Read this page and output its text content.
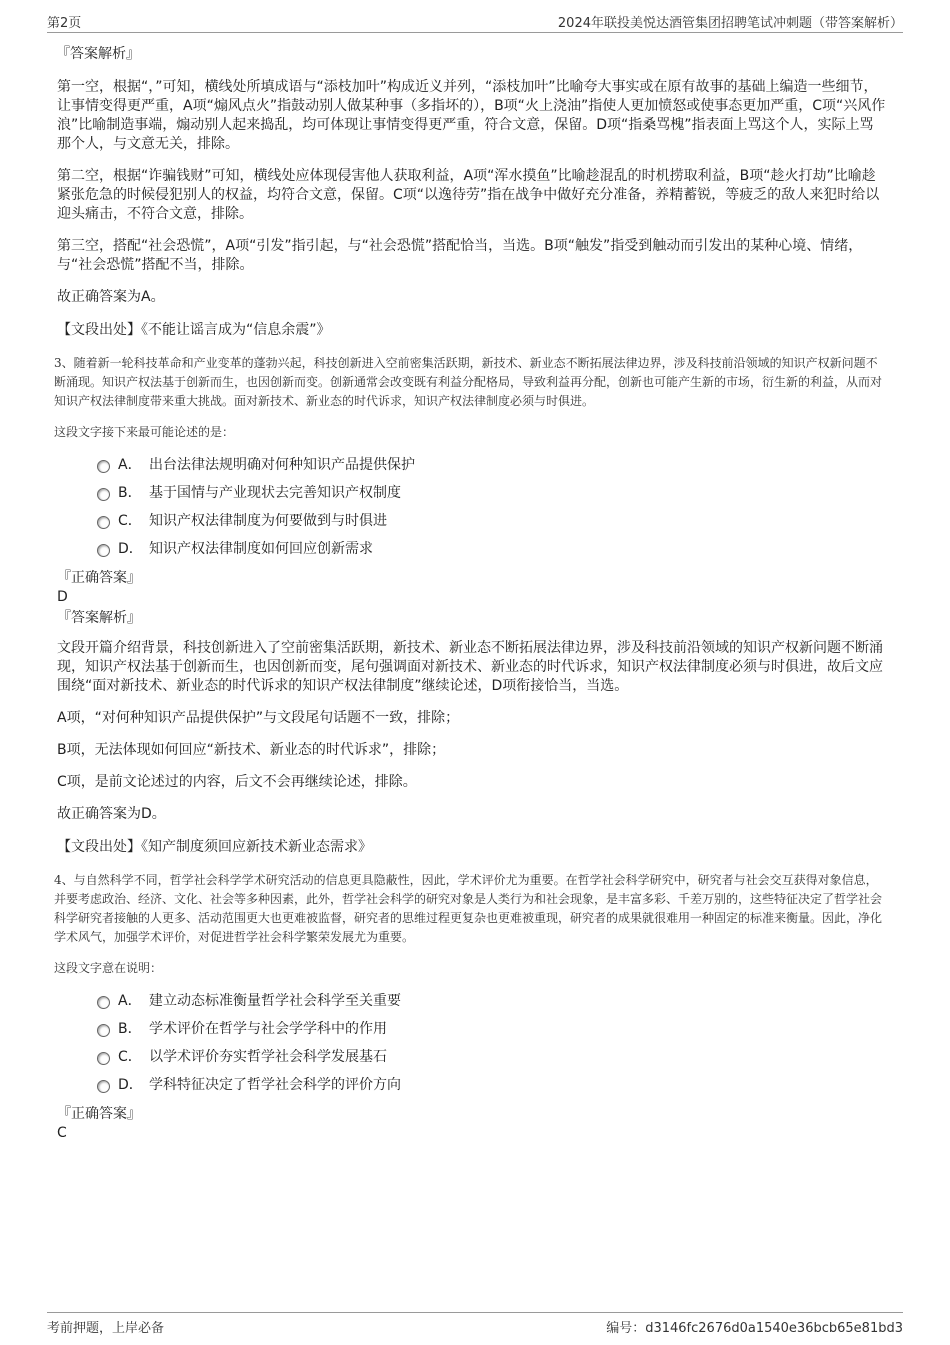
第2页	2024年联投美悦达酒管集团招聘笔试冲刺题（带答案解析）
『答案解析』

第一空，根据“，”可知，横线处所填成语与“添枝加叶”构成近义并列，“添枝加叶”比喻夸大事实或在原有故事的基础上编造一些细节，让事情变得更严重，A项“煽风点火”指鼓动别人做某种事（多指坏的），B项“火上浇油”指使人更加愤怒或使事态更加严重，C项“兴风作浪”比喻制造事端，煽动别人起来捣乱，均可体现让事情变得更严重，符合文意，保留。D项“指桑骂槐”指表面上骂这个人，实际上骂那个人，与文意无关，排除。

第二空，根据“诈骗钱财”可知，横线处应体现侵害他人获取利益，A项“浑水摸鱼”比喻趁混乱的时机捞取利益，B项“趁火打劫”比喻趁紧张危急的时候侵犯别人的权益，均符合文意，保留。C项“以逸待劳”指在战争中做好充分准备，养精蓄锐，等疲乏的敌人来犯时给以迎头痛击，不符合文意，排除。

第三空，搭配“社会恐慌”，A项“引发”指引起，与“社会恐慌”搭配恰当，当选。B项“触发”指受到触动而引发出的某种心境、情绪，与“社会恐慌”搭配不当，排除。

故正确答案为A。

【文段出处】《不能让谣言成为“信息余震”》

3、随着新一轮科技革命和产业变革的蓬勃兴起，科技创新进入空前密集活跃期，新技术、新业态不断拓展法律边界，涉及科技前沿领域的知识产权新问题不断涌现。知识产权法基于创新而生，也因创新而变。创新通常会改变既有利益分配格局，导致利益再分配，创新也可能产生新的市场，衍生新的利益，从而对知识产权法律制度带来重大挑战。面对新技术、新业态的时代诉求，知识产权法律制度必须与时俱进。

这段文字接下来最可能论述的是：

A． 出台法律法规明确对何种知识产品提供保护
B． 基于国情与产业现状去完善知识产权制度
C． 知识产权法律制度为何要做到与时俱进
D． 知识产权法律制度如何回应创新需求
『正确答案』
D
『答案解析』

文段开篇介绍背景，科技创新进入了空前密集活跃期，新技术、新业态不断拓展法律边界，涉及科技前沿领域的知识产权新问题不断涌现，知识产权法基于创新而生，也因创新而变，尾句强调面对新技术、新业态的时代诉求，知识产权法律制度必须与时俱进，故后文应围绕“面对新技术、新业态的时代诉求的知识产权法律制度”继续论述，D项衔接恰当，当选。

A项，“对何种知识产品提供保护”与文段尾句话题不一致，排除；

B项，无法体现如何回应“新技术、新业态的时代诉求”，排除；

C项，是前文论述过的内容，后文不会再继续论述，排除。

故正确答案为D。

【文段出处】《知产制度须回应新技术新业态需求》

4、与自然科学不同，哲学社会科学学术研究活动的信息更具隐蔽性，因此，学术评价尤为重要。在哲学社会科学研究中，研究者与社会交互获得对象信息，并要考虑政治、经济、文化、社会等多种因素，此外，哲学社会科学的研究对象是人类行为和社会现象，是丰富多彩、千差万别的，这些特征决定了哲学社会科学研究者接触的人更多、活动范围更大也更难被监督，研究者的思维过程更复杂也更难被重现，研究者的成果就很难用一种固定的标准来衡量。因此，净化学术风气，加强学术评价，对促进哲学社会科学繁荣发展尤为重要。

这段文字意在说明：

A． 建立动态标准衡量哲学社会科学至关重要
B． 学术评价在哲学与社会学学科中的作用
C． 以学术评价夯实哲学社会科学发展基石
D． 学科特征决定了哲学社会科学的评价方向
『正确答案』
C
考前押题，上岸必备	编号：d3146fc2676d0a1540e36bcb65e81bd3
